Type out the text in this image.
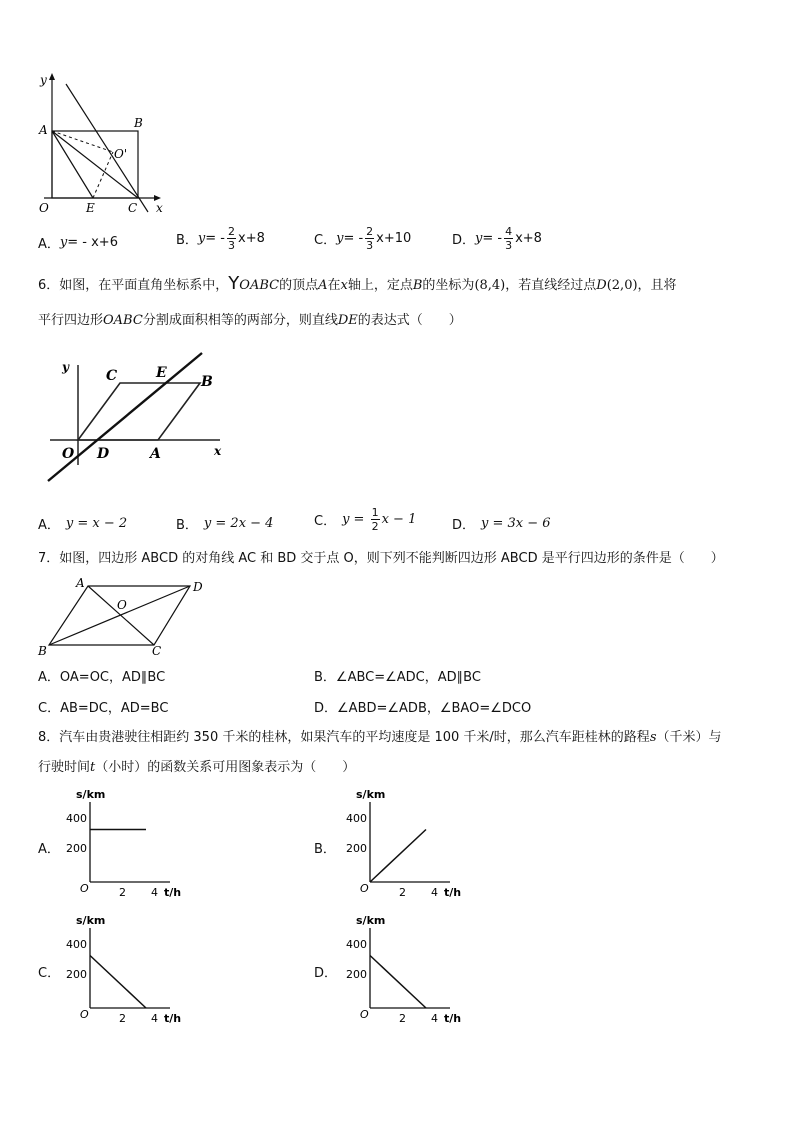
y
x
O
A	B
C
E
O'
A． y = - x+6	B． y = - $\frac{2}{3} x+8$	C． y = - $\frac{2}{3} x+10$	D． y = - $\frac{4}{3} x+8$
6．如图，在平面直角坐标系中，YOABC的顶点A在x轴上，定点B的坐标为(8,4)，若直线经过点D(2,0)，且将
平行四边形OABC分割成面积相等的两部分，则直线DE的表达式（　　）
y
x
O D	A
C	E
B
A． y = x − 2	B． y = 2x − 4	C． $y = \frac{1}{2}$ x − 1	D． y = 3x − 6
7．如图，四边形 ABCD 的对角线 AC 和 BD 交于点 O，则下列不能判断四边形 ABCD 是平行四边形的条件是（　　）
A	D
O
B	C
A． OA=OC，AD∥BC	B． ∠ABC=∠ADC，AD∥BC
C． AB=DC，AD=BC	D． ∠ABD=∠ADB，∠BAO=∠DCO
8．汽车由贵港驶往相距约 350 千米的桂林，如果汽车的平均速度是 100 千米/时，那么汽车距桂林的路程s（千米）与
行驶时间t（小时）的函数关系可用图象表示为（　　）
A．	B．
C．	D．
s/km
t/h
O
400
200
2 4
s/km
t/h
O
400
200
2 4
s/km
t/h
O
400
200
2 4
s/km
t/h
O
400
200
2 4
